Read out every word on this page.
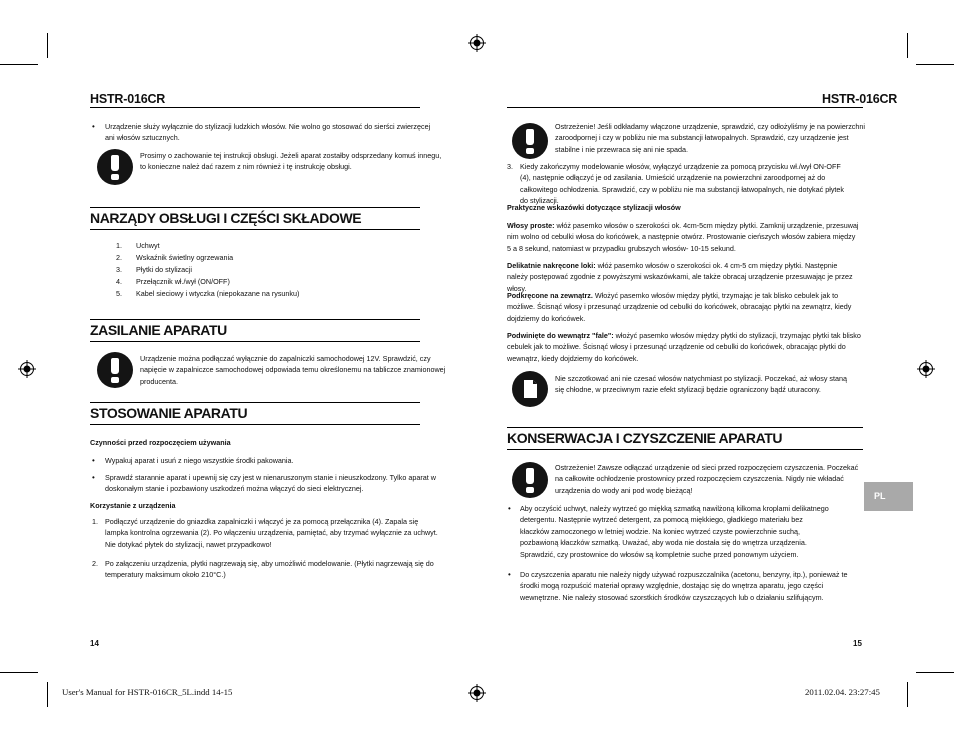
HSTR-016CR	HSTR-016CR
• Urządzenie służy wyłącznie do stylizacji ludzkich włosów. Nie wolno go stosować do sierści zwierzęcej ani włosów sztucznych.
Prosimy o zachowanie tej instrukcji obsługi. Jeżeli aparat zostałby odsprzedany komuś innegu, to konieczne należ dać razem z nim również i tę instrukcję obsługi.
NARZĄDY OBSŁUGI I CZĘŚCI SKŁADOWE
1. Uchwyt
2. Wskaźnik świetlny ogrzewania
3. Płytki do stylizacji
4. Przełącznik wł./wył (ON/OFF)
5. Kabel sieciowy i wtyczka (niepokazane na rysunku)
ZASILANIE APARATU
Urządzenie można podłączać wyłącznie do zapalniczki samochodowej 12V. Sprawdzić, czy napięcie w zapalniczce samochodowej odpowiada temu określonemu na tabliczce znamionowej producenta.
STOSOWANIE APARATU
Czynności przed rozpoczęciem używania
• Wypakuj aparat i usuń z niego wszystkie środki pakowania.
• Sprawdź starannie aparat i upewnij się czy jest w nienaruszonym stanie i nieuszkodzony. Tylko aparat w doskonałym stanie i pozbawiony uszkodzeń można włączyć do sieci elektrycznej.
Korzystanie z urządzenia
1. Podłączyć urządzenie do gniazdka zapalniczki i włączyć je za pomocą przełącznika (4). Zapala się lampka kontrolna ogrzewania (2). Po włączeniu urządzenia, pamiętać, aby trzymać wyłącznie za uchwyt. Nie dotykać płytek do stylizacji, nawet przypadkowo!
2. Po załączeniu urządzenia, płytki nagrzewają się, aby umożliwić modelowanie. (Płytki nagrzewają się do temperatury maksimum około 210°C.)
14
Ostrzeżenie! Jeśli odkładamy włączone urządzenie, sprawdzić, czy odłożyliśmy je na powierzchni zaroodpornej i czy w pobliżu nie ma substancji łatwopalnych. Sprawdzić, czy urządzenie jest stabilne i nie przewraca się ani nie spada.
3. Kiedy zakończymy modelowanie włosów, wyłączyć urządzenie za pomocą przycisku wł./wył ON-OFF (4), następnie odłączyć je od zasilania. Umieścić urządzenie na powierzchni zaroodpornej aż do całkowitego ochłodzenia. Sprawdzić, czy w pobliżu nie ma substancji łatwopalnych, nie dotykać płytek do stylizacji.
Praktyczne wskazówki dotyczące stylizacji włosów
Włosy proste: włóż pasemko włosów o szerokości ok. 4cm-5cm między płytki. Zamknij urządzenie, przesuwaj nim wolno od cebulki włosa do końcówek, a następnie otwórz. Prostowanie cieńszych włosów zabiera między 5 a 8 sekund, natomiast w przypadku grubszych włosów- 10-15 sekund.
Delikatnie nakręcone loki: włóż pasemko włosów o szerokości ok. 4 cm-5 cm między płytki. Następnie należy postępować zgodnie z powyższymi wskazówkami, ale także obracaj urządzenie przesuwając je przez włosy.
Podkręcone na zewnątrz. Włożyć pasemko włosów między płytki, trzymając je tak blisko cebulek jak to możliwe. Ścisnąć włosy i przesunąć urządzenie od cebulki do końcówek, obracając płytki na zewnątrz, kiedy dojdziemy do końcówek.
Podwinięte do wewnątrz "fale": włożyć pasemko włosów między płytki do stylizacji, trzymając płytki tak blisko cebulek jak to możliwe. Ścisnąć włosy i przesunąć urządzenie od cebulki do końcówek, obracając płytki do wewnątrz, kiedy dojdziemy do końcówek.
Nie szczotkować ani nie czesać włosów natychmiast po stylizacji. Poczekać, aż włosy staną się chłodne, w przeciwnym razie efekt stylizacji będzie ograniczony bądź uturacony.
KONSERWACJA I CZYSZCZENIE APARATU
Ostrzeżenie! Zawsze odłączać urządzenie od sieci przed rozpoczęciem czyszczenia. Poczekać na całkowite ochłodzenie prostownicy przed rozpoczęciem czyszczenia. Nigdy nie wkładać urządzenia do wody ani pod wodę bieżącą!
PL
• Aby oczyścić uchwyt, należy wytrzeć go miękką szmatką nawilżoną kilkoma kroplami delikatnego detergentu. Następnie wytrzeć detergent, za pomocą miękkiego, gładkiego materiału bez kłaczków zamoczonego w letniej wodzie. Na koniec wytrzeć czyste powierzchnie suchą, pozbawioną kłaczków szmatką. Uważać, aby woda nie dostała się do wnętrza urządzenia. Sprawdzić, czy prostownice do włosów są kompletnie suche przed ponownym użyciem.
• Do czyszczenia aparatu nie należy nigdy używać rozpuszczalnika (acetonu, benzyny, itp.), ponieważ te środki mogą rozpuścić materiał oprawy względnie, dostając się do wnętrza aparatu, jego części wewnętrzne. Nie należy stosować szorstkich środków czyszczących lub o działaniu szlifującym.
15
User's Manual for HSTR-016CR_5L.indd 14-15	2011.02.04. 23:27:45
